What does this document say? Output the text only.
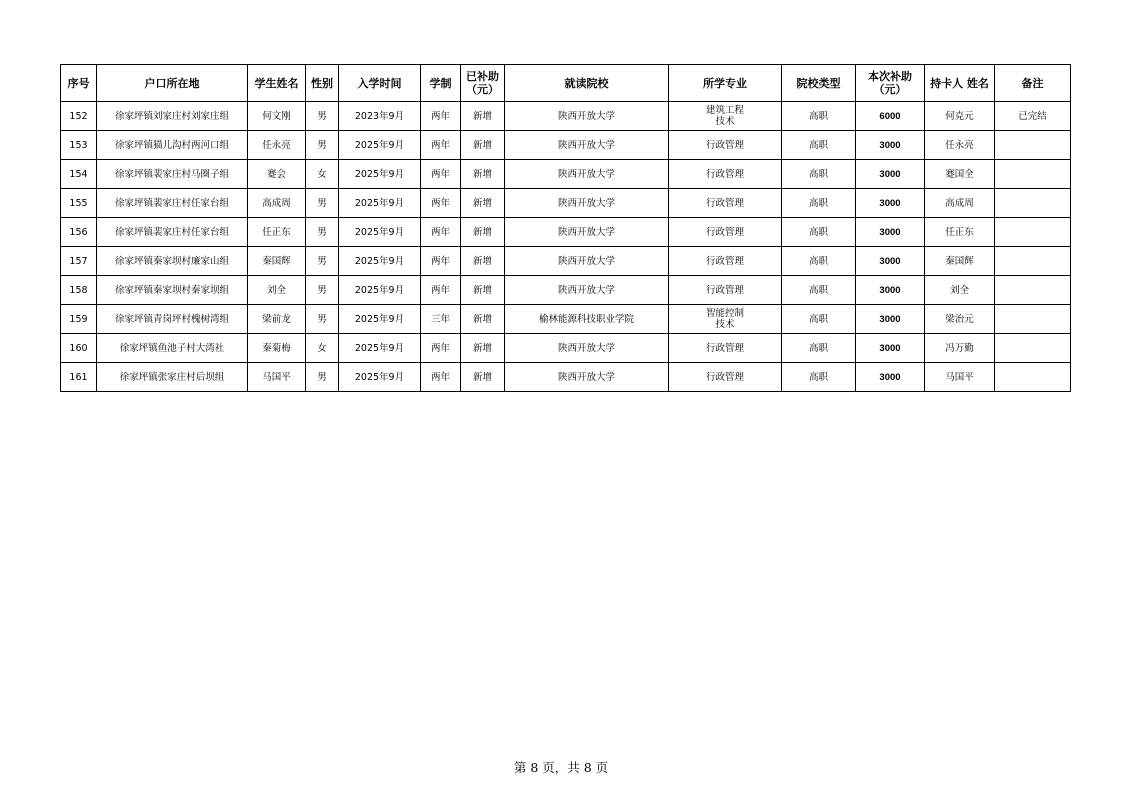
序号	户口所在地	学生姓名	性别	入学时间	学制	已补助（元）	就读院校	所学专业	院校类型	本次补助（元）	持卡人 姓名	备注
152	徐家坪镇刘家庄村刘家庄组	何文刚	男	2023年9月	两年	新增	陕西开放大学	建筑工程
技术	高职	6000	何克元	已完结
153	徐家坪镇猫儿沟村两河口组	任永亮	男	2025年9月	两年	新增	陕西开放大学	行政管理	高职	3000	任永亮	
154	徐家坪镇裴家庄村马圈子组	蹇会	女	2025年9月	两年	新增	陕西开放大学	行政管理	高职	3000	蹇国全	
155	徐家坪镇裴家庄村任家台组	高成周	男	2025年9月	两年	新增	陕西开放大学	行政管理	高职	3000	高成周	
156	徐家坪镇裴家庄村任家台组	任正东	男	2025年9月	两年	新增	陕西开放大学	行政管理	高职	3000	任正东	
157	徐家坪镇秦家坝村廉家山组	秦国辉	男	2025年9月	两年	新增	陕西开放大学	行政管理	高职	3000	秦国辉	
158	徐家坪镇秦家坝村秦家坝组	刘全	男	2025年9月	两年	新增	陕西开放大学	行政管理	高职	3000	刘全	
159	徐家坪镇青岗坪村槐树湾组	梁前龙	男	2025年9月	三年	新增	榆林能源科技职业学院	智能控制
技术	高职	3000	梁治元	
160	徐家坪镇鱼池子村大湾社	秦菊梅	女	2025年9月	两年	新增	陕西开放大学	行政管理	高职	3000	冯万勤	
161	徐家坪镇张家庄村后坝组	马国平	男	2025年9月	两年	新增	陕西开放大学	行政管理	高职	3000	马国平	
第 8 页，共 8 页
